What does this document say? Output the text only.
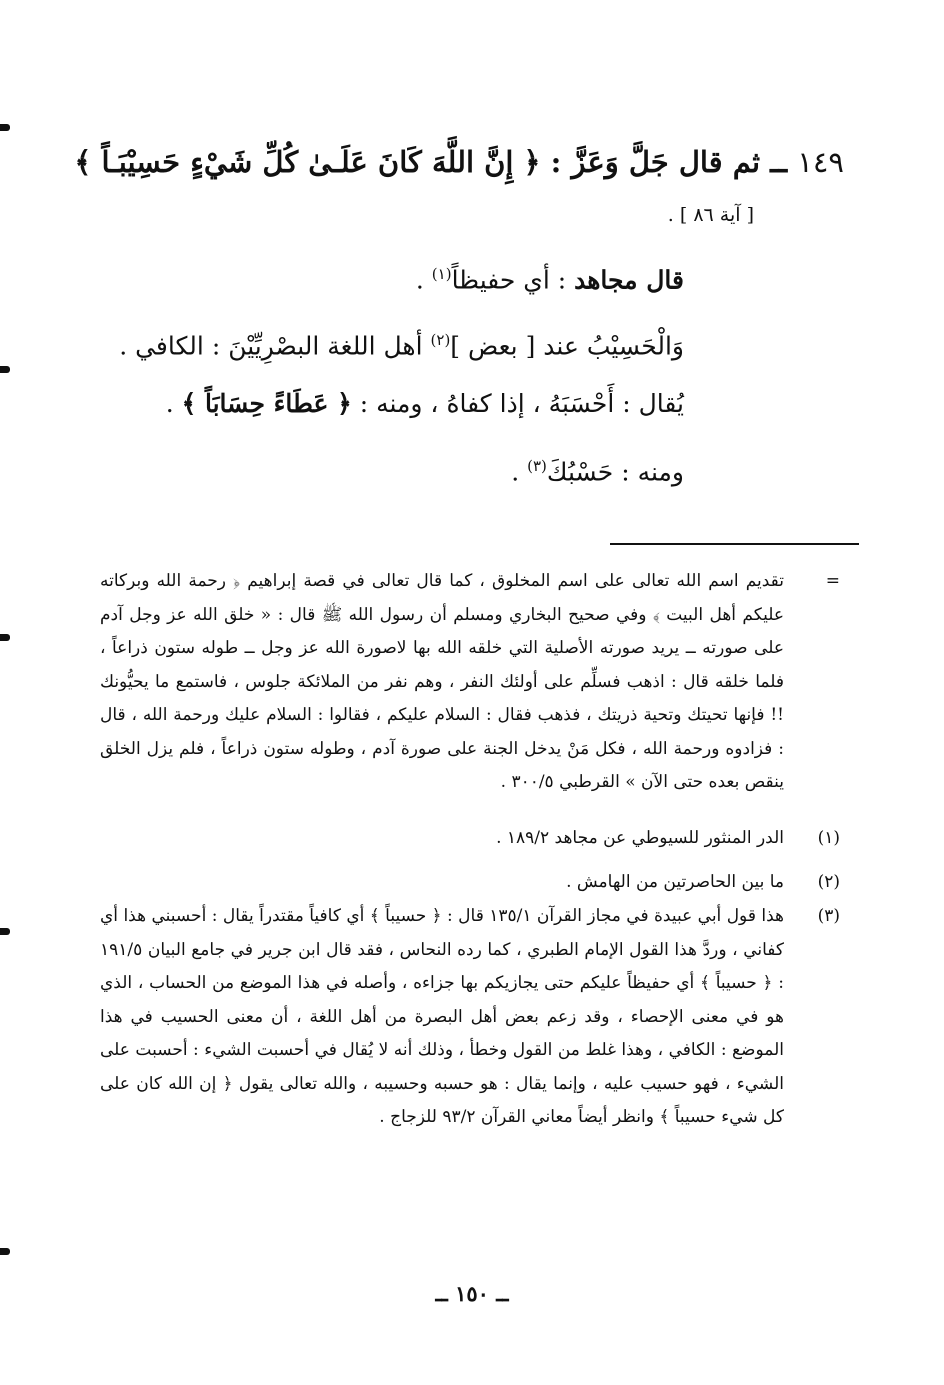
١٤٩ ــ ثم قال جَلَّ وَعَزَّ : ﴿ إِنَّ اللَّهَ كَانَ عَلَـىٰ كُلِّ شَيْءٍ حَسِيْبَـاً ﴾
[ آية ٨٦ ] .
قال مجاهد : أي حفيظاً$^{(١)}$ .
وَالْحَسِيْبُ عند [ بعض ]$^{(٢)}$ أهل اللغة البصْرِيِّيْنَ : الكافي .
يُقال : أَحْسَبَهُ ، إذا كفاهُ ، ومنه : ﴿ عَطَاءً حِسَابَاً ﴾ .
ومنه : حَسْبُكَ$^{(٣)}$ .
=
تقديم اسم الله تعالى على اسم المخلوق ، كما قال تعالى في قصة إبراهيم ﴿ رحمة الله وبركاته عليكم أهل البيت ﴾ وفي صحيح البخاري ومسلم أن رسول الله ﷺ قال : « خلق الله عز وجل آدم على صورته ــ يريد صورته الأصلية التي خلقه الله بها لاصورة الله عز وجل ــ طوله ستون ذراعاً ، فلما خلقه قال : اذهب فسلِّم على أولئك النفر ، وهم نفر من الملائكة جلوس ، فاستمع ما يحيُّونك !! فإنها تحيتك وتحية ذريتك ، فذهب فقال : السلام عليكم ، فقالوا : السلام عليك ورحمة الله ، قال : فزادوه ورحمة الله ، فكل مَنْ يدخل الجنة على صورة آدم ، وطوله ستون ذراعاً ، فلم يزل الخلق ينقص بعده حتى الآن » القرطبي ٣٠٠/٥ .
(١)
الدر المنثور للسيوطي عن مجاهد ١٨٩/٢ .
(٢)
ما بين الحاصرتين من الهامش .
(٣)
هذا قول أبي عبيدة في مجاز القرآن ١٣٥/١ قال : ﴿ حسيباً ﴾ أي كافياً مقتدراً يقال : أحسبني هذا أي كفاني ، وردَّ هذا القول الإمام الطبري ، كما رده النحاس ، فقد قال ابن جرير في جامع البيان ١٩١/٥ : ﴿ حسيباً ﴾ أي حفيظاً عليكم حتى يجازيكم بها جزاءه ، وأصله في هذا الموضع من الحساب ، الذي هو في معنى الإحصاء ، وقد زعم بعض أهل البصرة من أهل اللغة ، أن معنى الحسيب في هذا الموضع : الكافي ، وهذا غلط من القول وخطأ ، وذلك أنه لا يُقال في أحسبت الشيء : أحسبت على الشيء ، فهو حسيب عليه ، وإنما يقال : هو حسبه وحسيبه ، والله تعالى يقول ﴿ إن الله كان على كل شيء حسيباً ﴾ وانظر أيضاً معاني القرآن ٩٣/٢ للزجاج .
ــ ١٥٠ ــ
